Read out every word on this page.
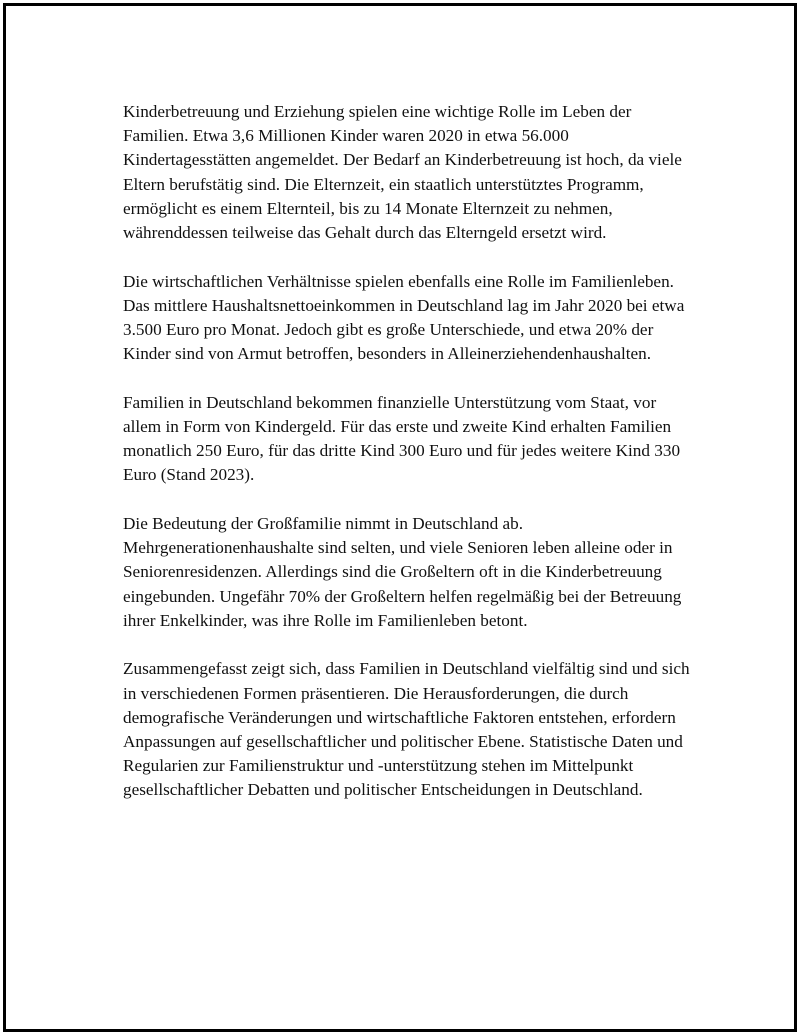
Kinderbetreuung und Erziehung spielen eine wichtige Rolle im Leben der Familien. Etwa 3,6 Millionen Kinder waren 2020 in etwa 56.000 Kindertagesstätten angemeldet. Der Bedarf an Kinderbetreuung ist hoch, da viele Eltern berufstätig sind. Die Elternzeit, ein staatlich unterstütztes Programm, ermöglicht es einem Elternteil, bis zu 14 Monate Elternzeit zu nehmen, währenddessen teilweise das Gehalt durch das Elterngeld ersetzt wird.

Die wirtschaftlichen Verhältnisse spielen ebenfalls eine Rolle im Familienleben. Das mittlere Haushaltsnettoeinkommen in Deutschland lag im Jahr 2020 bei etwa 3.500 Euro pro Monat. Jedoch gibt es große Unterschiede, und etwa 20% der Kinder sind von Armut betroffen, besonders in Alleinerziehendenhaushalten.

Familien in Deutschland bekommen finanzielle Unterstützung vom Staat, vor allem in Form von Kindergeld. Für das erste und zweite Kind erhalten Familien monatlich 250 Euro, für das dritte Kind 300 Euro und für jedes weitere Kind 330 Euro (Stand 2023).

Die Bedeutung der Großfamilie nimmt in Deutschland ab. Mehrgenerationenhaushalte sind selten, und viele Senioren leben alleine oder in Seniorenresidenzen. Allerdings sind die Großeltern oft in die Kinderbetreuung eingebunden. Ungefähr 70% der Großeltern helfen regelmäßig bei der Betreuung ihrer Enkelkinder, was ihre Rolle im Familienleben betont.

Zusammengefasst zeigt sich, dass Familien in Deutschland vielfältig sind und sich in verschiedenen Formen präsentieren. Die Herausforderungen, die durch demografische Veränderungen und wirtschaftliche Faktoren entstehen, erfordern Anpassungen auf gesellschaftlicher und politischer Ebene. Statistische Daten und Regularien zur Familienstruktur und -unterstützung stehen im Mittelpunkt gesellschaftlicher Debatten und politischer Entscheidungen in Deutschland.
